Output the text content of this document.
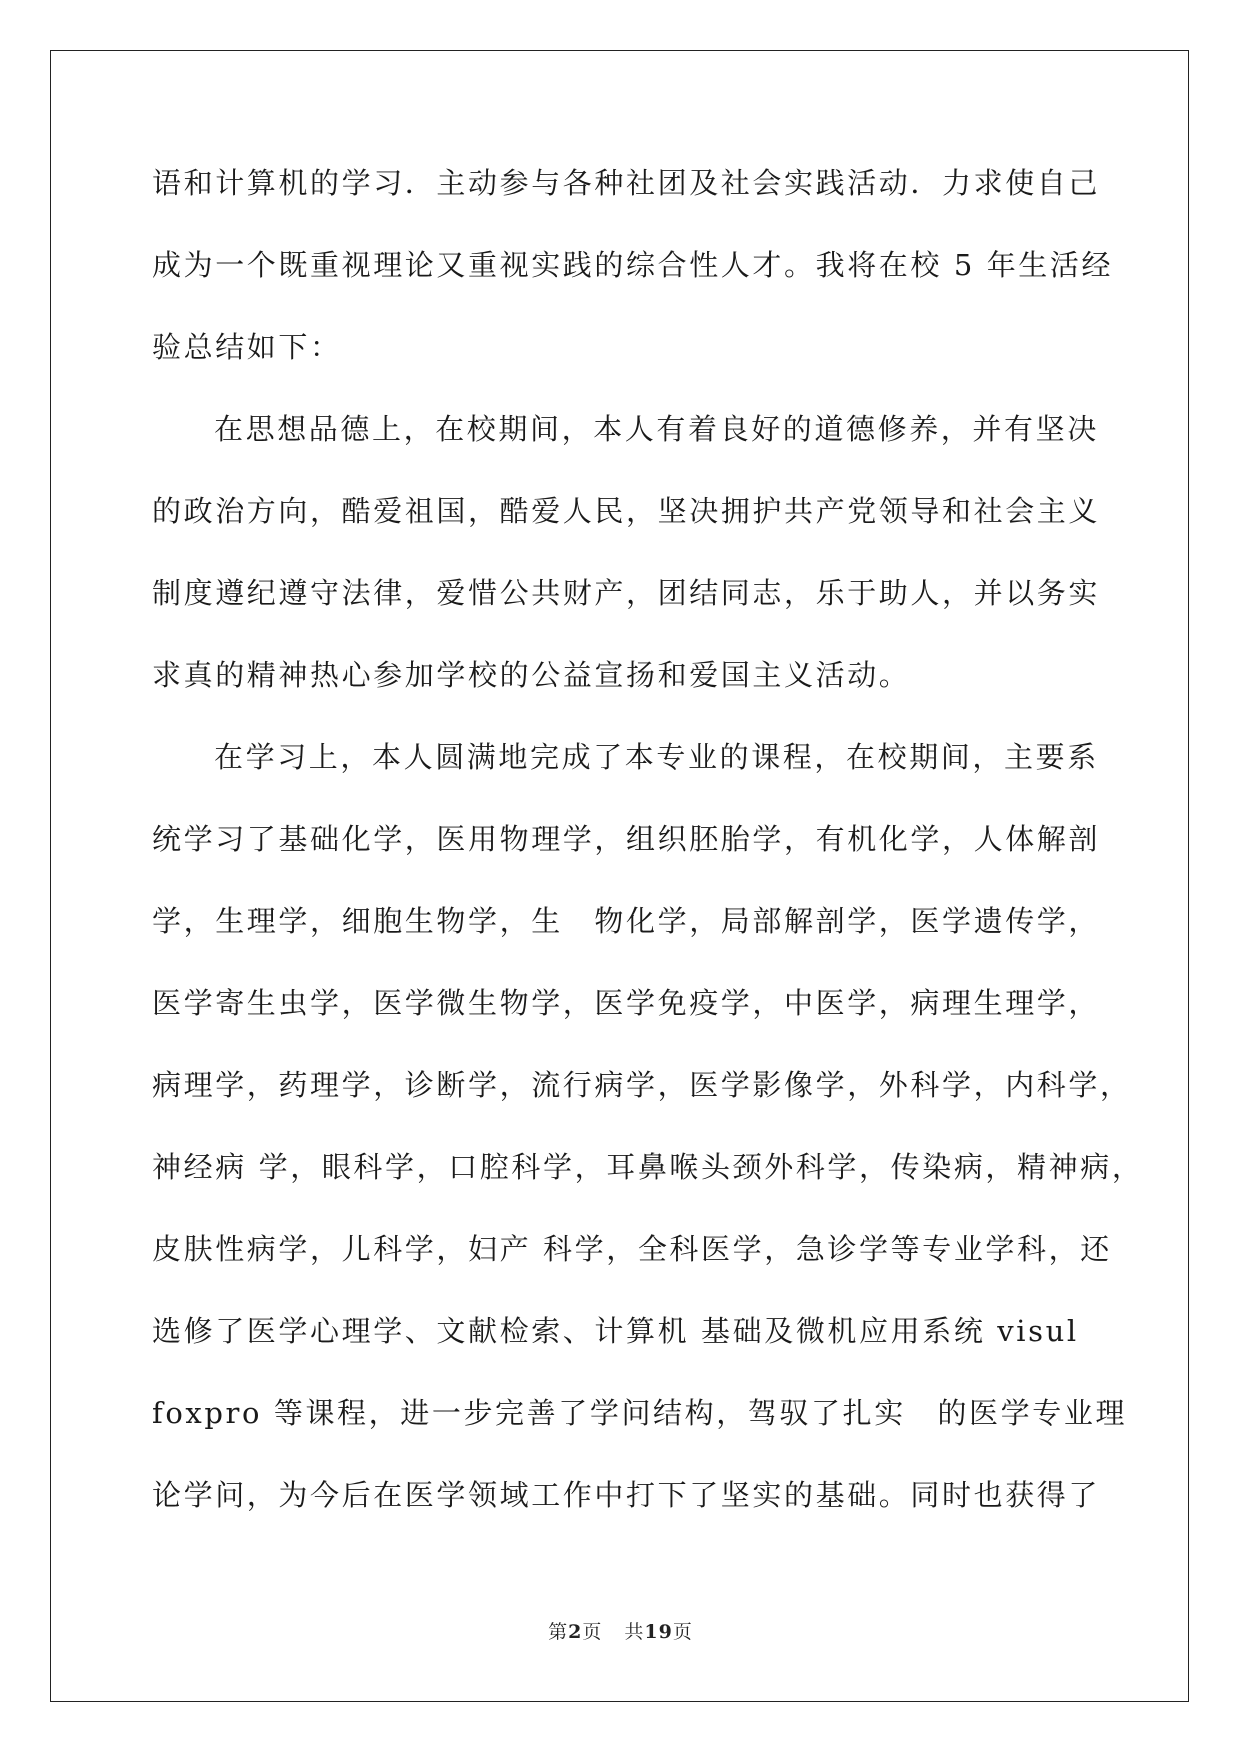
语和计算机的学习．主动参与各种社团及社会实践活动．力求使自己
成为一个既重视理论又重视实践的综合性人才。我将在校 5 年生活经
验总结如下：
在思想品德上，在校期间，本人有着良好的道德修养，并有坚决
的政治方向，酷爱祖国，酷爱人民，坚决拥护共产党领导和社会主义
制度遵纪遵守法律，爱惜公共财产，团结同志，乐于助人，并以务实
求真的精神热心参加学校的公益宣扬和爱国主义活动。
在学习上，本人圆满地完成了本专业的课程，在校期间，主要系
统学习了基础化学，医用物理学，组织胚胎学，有机化学，人体解剖
学，生理学，细胞生物学，生　物化学，局部解剖学，医学遗传学，
医学寄生虫学，医学微生物学，医学免疫学，中医学，病理生理学，
病理学，药理学，诊断学，流行病学，医学影像学，外科学，内科学，
神经病 学，眼科学，口腔科学，耳鼻喉头颈外科学，传染病，精神病，
皮肤性病学，儿科学，妇产 科学，全科医学，急诊学等专业学科，还
选修了医学心理学、文献检索、计算机 基础及微机应用系统 visul
foxpro 等课程，进一步完善了学问结构，驾驭了扎实　的医学专业理
论学问，为今后在医学领域工作中打下了坚实的基础。同时也获得了
第2页 共19页
